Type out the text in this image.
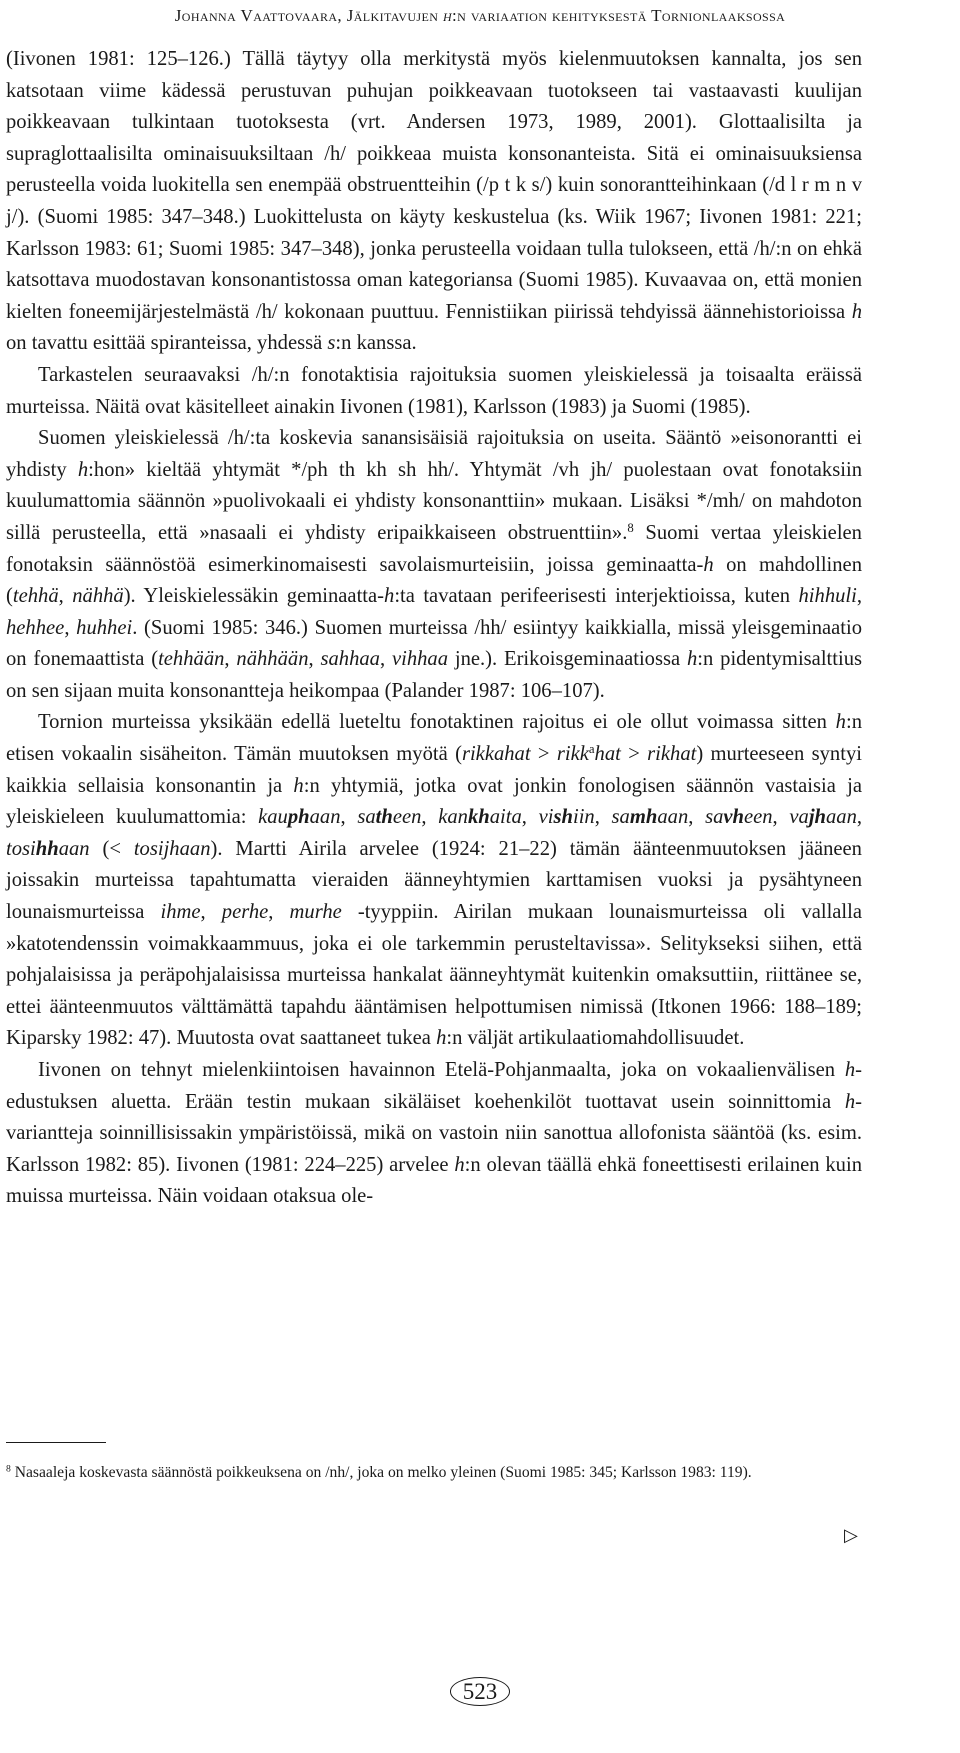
Johanna Vaattovaara, Jälkitavujen h:n variaation kehityksestä Tornionlaaksossa

(Iivonen 1981: 125–126.) Tällä täytyy olla merkitystä myös kielenmuutoksen kannalta, jos sen katsotaan viime kädessä perustuvan puhujan poikkeavaan tuotokseen tai vastaavasti kuulijan poikkeavaan tulkintaan tuotoksesta (vrt. Andersen 1973, 1989, 2001). Glottaalisilta ja supraglottaalisilta ominaisuuksiltaan /h/ poikkeaa muista konsonanteista. Sitä ei ominaisuuksiensa perusteella voida luokitella sen enempää obstruentteihin (/p t k s/) kuin sonorantteihinkaan (/d l r m n v j/). (Suomi 1985: 347–348.) Luokittelusta on käyty keskustelua (ks. Wiik 1967; Iivonen 1981: 221; Karlsson 1983: 61; Suomi 1985: 347–348), jonka perusteella voidaan tulla tulokseen, että /h/:n on ehkä katsottava muodostavan konsonantistossa oman kategoriansa (Suomi 1985). Kuvaavaa on, että monien kielten foneemijärjestelmästä /h/ kokonaan puuttuu. Fennistiikan piirissä tehdyissä äännehistorioissa h on tavattu esittää spiranteissa, yhdessä s:n kanssa.

Tarkastelen seuraavaksi /h/:n fonotaktisia rajoituksia suomen yleiskielessä ja toisaalta eräissä murteissa. Näitä ovat käsitelleet ainakin Iivonen (1981), Karlsson (1983) ja Suomi (1985).

Suomen yleiskielessä /h/:ta koskevia sanansisäisiä rajoituksia on useita. Sääntö »eisonorantti ei yhdisty h:hon» kieltää yhtymät */ph th kh sh hh/. Yhtymät /vh jh/ puolestaan ovat fonotaksiin kuulumattomia säännön »puolivokaali ei yhdisty konsonanttiin» mukaan. Lisäksi */mh/ on mahdoton sillä perusteella, että »nasaali ei yhdisty eripaikkaiseen obstruenttiin».$^8$ Suomi vertaa yleiskielen fonotaksin säännöstöä esimerkinomaisesti savolaismurteisiin, joissa geminaatta-h on mahdollinen (tehhä, nähhä). Yleiskielessäkin geminaatta-h:ta tavataan perifeerisesti interjektioissa, kuten hihhuli, hehhee, huhhei. (Suomi 1985: 346.) Suomen murteissa /hh/ esiintyy kaikkialla, missä yleisgeminaatio on fonemaattista (tehhään, nähhään, sahhaa, vihhaa jne.). Erikoisgeminaatiossa h:n pidentymisalttius on sen sijaan muita konsonantteja heikompaa (Palander 1987: 106–107).

Tornion murteissa yksikään edellä lueteltu fonotaktinen rajoitus ei ole ollut voimassa sitten h:n etisen vokaalin sisäheiton. Tämän muutoksen myötä (rikkahat > rikk$^a$hat > rikhat) murteeseen syntyi kaikkia sellaisia konsonantin ja h:n yhtymiä, jotka ovat jonkin fonologisen säännön vastaisia ja yleiskieleen kuulumattomia: kauphaan, satheen, kankhaita, vishiin, samhaan, savheen, vajhaan, tosihhaan (< tosijhaan). Martti Airila arvelee (1924: 21–22) tämän äänteenmuutoksen jääneen joissakin murteissa tapahtumatta vieraiden äänneyhtymien karttamisen vuoksi ja pysähtyneen lounaismurteissa ihme, perhe, murhe -tyyppiin. Airilan mukaan lounaismurteissa oli vallalla »katotendenssin voimakkaammuus, joka ei ole tarkemmin perusteltavissa». Selitykseksi siihen, että pohjalaisissa ja peräpohjalaisissa murteissa hankalat äänneyhtymät kuitenkin omaksuttiin, riittänee se, ettei äänteenmuutos välttämättä tapahdu ääntämisen helpottumisen nimissä (Itkonen 1966: 188–189; Kiparsky 1982: 47). Muutosta ovat saattaneet tukea h:n väljät artikulaatiomahdollisuudet.

Iivonen on tehnyt mielenkiintoisen havainnon Etelä-Pohjanmaalta, joka on vokaalienvälisen h-edustuksen aluetta. Erään testin mukaan sikäläiset koehenkilöt tuottavat usein soinnittomia h-variantteja soinnillisissakin ympäristöissä, mikä on vastoin niin sanottua allofonista sääntöä (ks. esim. Karlsson 1982: 85). Iivonen (1981: 224–225) arvelee h:n olevan täällä ehkä foneettisesti erilainen kuin muissa murteissa. Näin voidaan otaksua ole-

$^8$ Nasaaleja koskevasta säännöstä poikkeuksena on /nh/, joka on melko yleinen (Suomi 1985: 345; Karlsson 1983: 119).

▷
523
